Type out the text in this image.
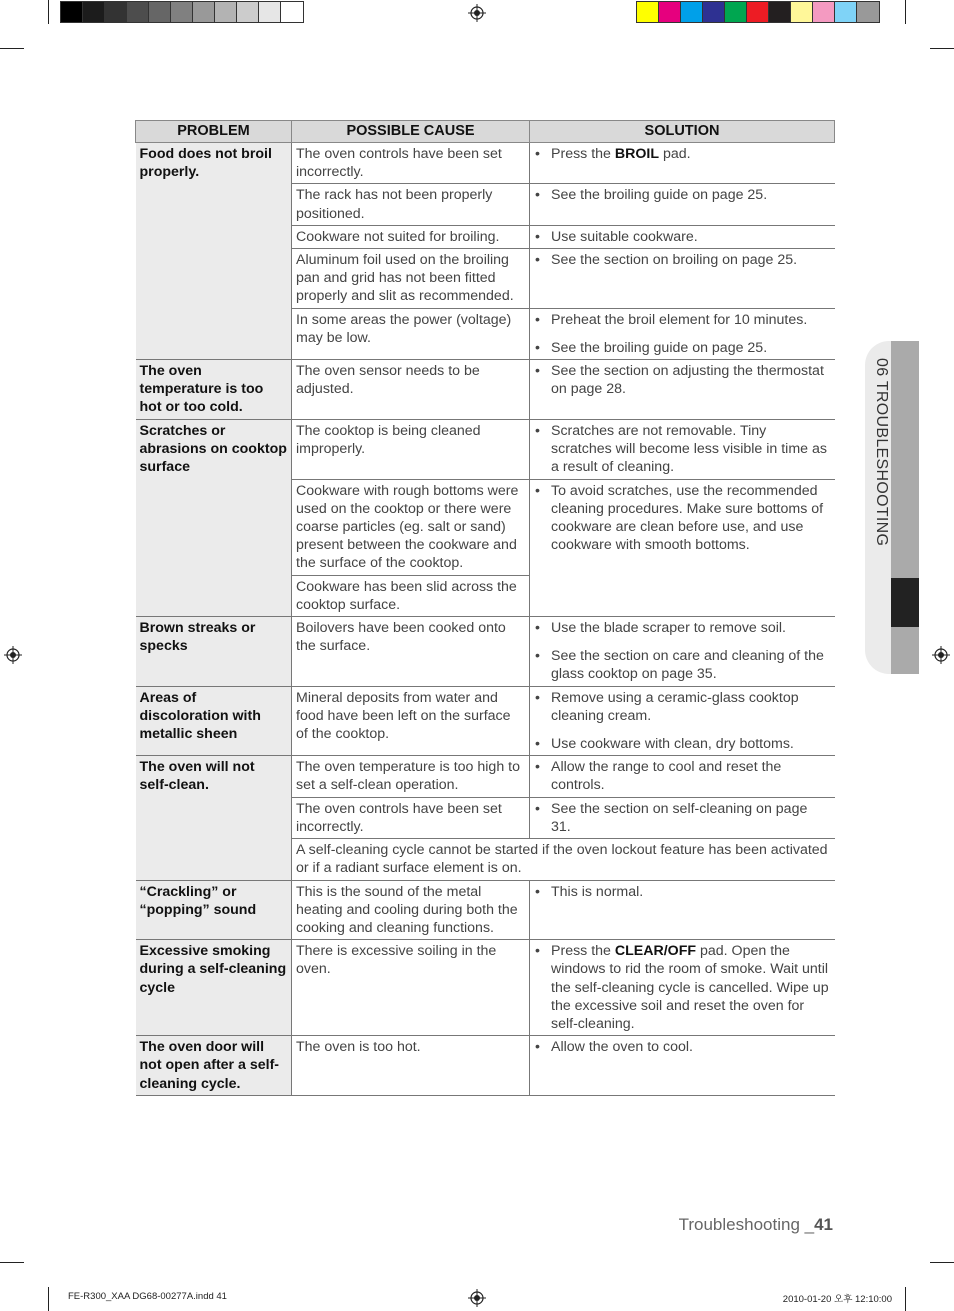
06 TROUBLESHOOTING
PROBLEM	POSSIBLE CAUSE	SOLUTION
Food does not broil properly.	The oven controls have been set incorrectly.	• Press the BROIL pad.

	The rack has not been properly positioned.	• See the broiling guide on page 25.

	Cookware not suited for broiling.	• Use suitable cookware.

	Aluminum foil used on the broiling pan and grid has not been fitted properly and slit as recommended.	• See the section on broiling on page 25.

	In some areas the power (voltage) may be low.	• Preheat the broil element for 10 minutes.
• See the broiling guide on page 25.

The oven temperature is too hot or too cold.	The oven sensor needs to be adjusted.	• See the section on adjusting the thermostat on page 28.

Scratches or abrasions on cooktop surface	The cooktop is being cleaned improperly.	• Scratches are not removable. Tiny scratches will become less visible in time as a result of cleaning.

	Cookware with rough bottoms were used on the cooktop or there were coarse particles (eg. salt or sand) present between the cookware and the surface of the cooktop.	• To avoid scratches, use the recommended cleaning procedures. Make sure bottoms of cookware are clean before use, and use cookware with smooth bottoms.

	Cookware has been slid across the cooktop surface.	
Brown streaks or specks	Boilovers have been cooked onto the surface.	• Use the blade scraper to remove soil.
• See the section on care and cleaning of the glass cooktop on page 35.

Areas of discoloration with metallic sheen	Mineral deposits from water and food have been left on the surface of the cooktop.	• Remove using a ceramic-glass cooktop cleaning cream.
• Use cookware with clean, dry bottoms.

The oven will not self-clean.	The oven temperature is too high to set a self-clean operation.	• Allow the range to cool and reset the controls.

	The oven controls have been set incorrectly.	• See the section on self-cleaning on page 31.

	A self-cleaning cycle cannot be started if the oven lockout feature has been activated or if a radiant surface element is on.	
“Crackling” or “popping” sound	This is the sound of the metal heating and cooling during both the cooking and cleaning functions.	• This is normal.

Excessive smoking during a self-cleaning cycle	There is excessive soiling in the oven.	• Press the CLEAR/OFF pad. Open the windows to rid the room of smoke. Wait until the self-cleaning cycle is cancelled. Wipe up the excessive soil and reset the oven for self-cleaning.

The oven door will not open after a self-cleaning cycle.	The oven is too hot.	• Allow the oven to cool.
Troubleshooting _41
FE-R300_XAA DG68-00277A.indd 41	2010-01-20 오후 12:10:00
